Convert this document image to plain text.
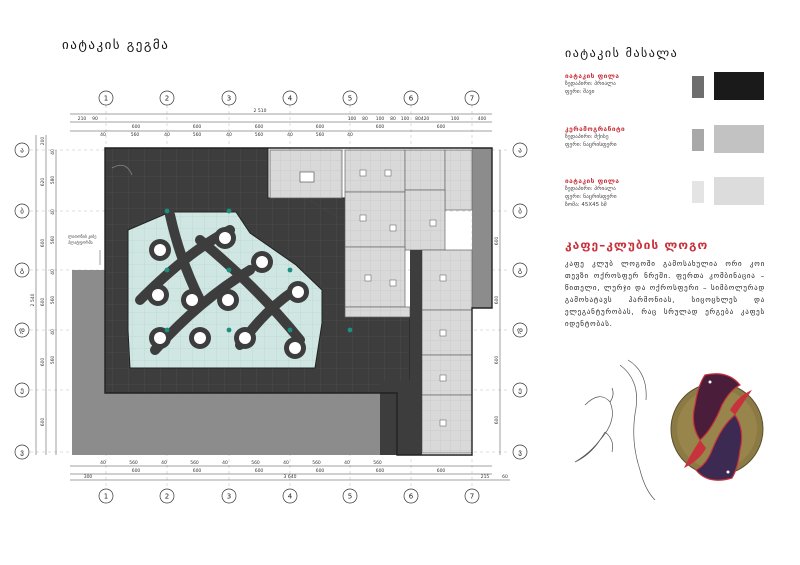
იატაკის გეგმა	იატაკის მასალა
ლითონის კიბე
პლატფორმა
2 510
600	600	600	600	600	600
40	560	40	560	40	560	40	560	40
210 90	100 80 100 80 100 80 420	100	400
40	560	40	560	40	560	40	560	40	560
600	600	600	600	600	600
3 640
300	215	60
2 540
200
620
600
600
600
600
40
580
40
560
40
560
40
560
600
600
600
600
1	2	3	4	5	6	7
1	2	3	4	5	6	7
ა
ბ
გ
დ
ე
ვ
ა
ბ
გ
დ
ე
ვ
იატაკის ფილა
ზედაპირი: პრიალა
ფერი: შავი
კერამოგრანიტი
ზედაპირი: მქისე
ფერი: ნაცრისფერი
იატაკის ფილა
ზედაპირი: პრიალა
ფერი: ნაცრისფერი
ზომა: 45X45 სმ
კაფე–კლუბის ლოგო
კაფე კლუბ ლოგოში გამოსახულია ორი კოი თევზი ოქროსფერ ნრეში. ფერთა კომბინაცია – წითელი, ლურჯი და ოქროსფერი – სიმბოლურად გამოხატავს ჰარმონიას, სიცოცხლეს და ელეგანტურობას, რაც სრულად ერგება კაფეს იდენტობას.
